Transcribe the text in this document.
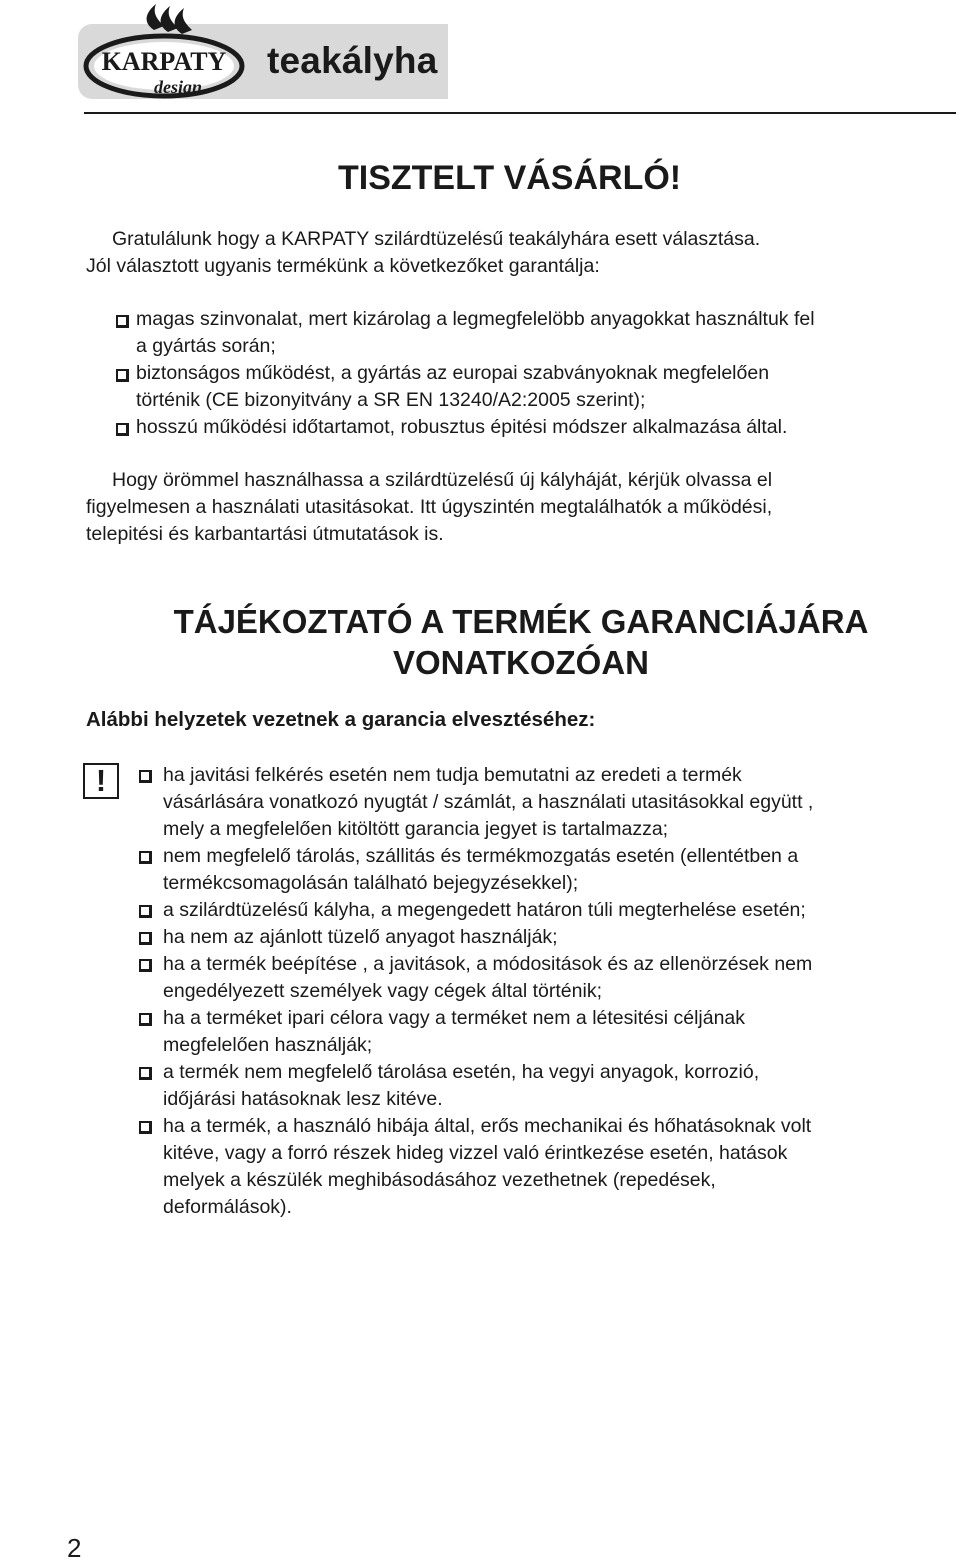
KARPATY
design
teakályha
TISZTELT VÁSÁRLÓ!
Gratulálunk hogy a KARPATY szilárdtüzelésű teakályhára esett választása.
Jól választott ugyanis termékünk a következőket garantálja:
magas szinvonalat, mert kizárolag a legmegfelelöbb anyagokkat használtuk fel
a gyártás során;
biztonságos működést, a gyártás az europai szabványoknak megfelelően
történik (CE bizonyitvány a SR EN 13240/A2:2005 szerint);
hosszú működési időtartamot, robusztus épitési módszer alkalmazása által.
Hogy örömmel használhassa a szilárdtüzelésű új kályháját, kérjük olvassa el
figyelmesen a használati utasitásokat. Itt úgyszintén megtalálhatók a működési,
telepitési és karbantartási útmutatások is.
TÁJÉKOZTATÓ A TERMÉK GARANCIÁJÁRA
VONATKOZÓAN
Alábbi helyzetek vezetnek a garancia elvesztéséhez:
!	ha javitási felkérés esetén nem tudja bemutatni az eredeti a termék
vásárlására vonatkozó nyugtát / számlát, a használati utasitásokkal együtt ,
mely a megfelelően kitöltött garancia jegyet is tartalmazza;
nem megfelelő tárolás, szállitás és termékmozgatás esetén (ellentétben a
termékcsomagolásán található bejegyzésekkel);
a szilárdtüzelésű kályha, a megengedett határon túli megterhelése esetén;
ha nem az ajánlott tüzelő anyagot használják;
ha a termék beépítése , a javitások, a módositások és az ellenörzések nem
engedélyezett személyek vagy cégek által történik;
ha a terméket ipari célora vagy a terméket nem a létesitési céljának
megfelelően használják;
a termék nem megfelelő tárolása esetén, ha vegyi anyagok, korrozió,
időjárási hatásoknak lesz kitéve.
ha a termék, a használó hibája által, erős mechanikai és hőhatásoknak volt
kitéve, vagy a forró részek hideg vizzel való érintkezése esetén, hatások
melyek a készülék meghibásodásához vezethetnek (repedések,
deformálások).
2
